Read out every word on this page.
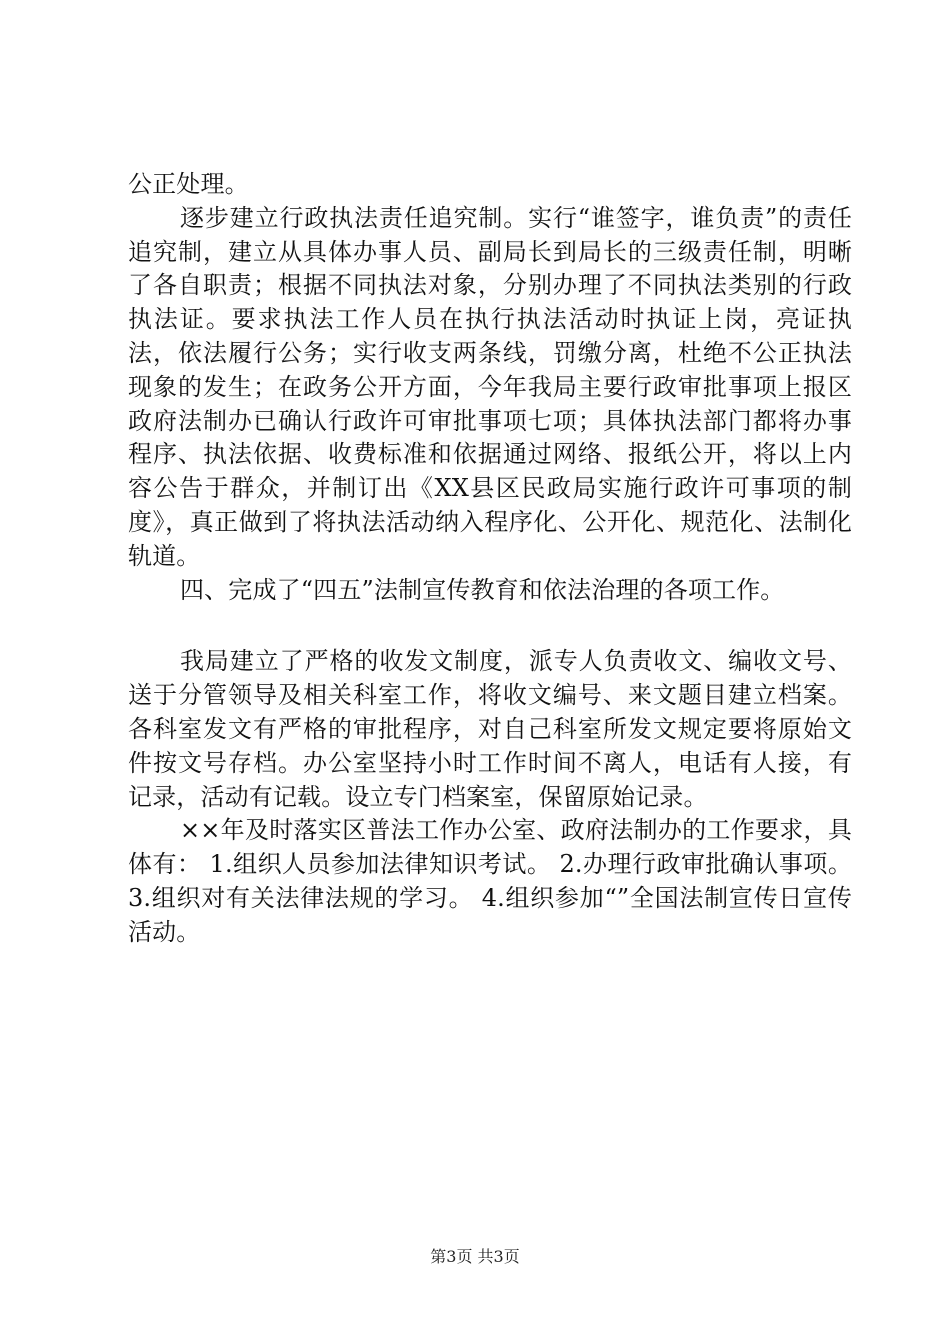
公正处理。

逐步建立行政执法责任追究制。实行“谁签字，谁负责”的责任追究制，建立从具体办事人员、副局长到局长的三级责任制，明晰了各自职责；根据不同执法对象，分别办理了不同执法类别的行政执法证。要求执法工作人员在执行执法活动时执证上岗，亮证执法，依法履行公务；实行收支两条线，罚缴分离，杜绝不公正执法现象的发生；在政务公开方面，今年我局主要行政审批事项上报区政府法制办已确认行政许可审批事项七项；具体执法部门都将办事程序、执法依据、收费标准和依据通过网络、报纸公开，将以上内容公告于群众，并制订出《XX县区民政局实施行政许可事项的制度》，真正做到了将执法活动纳入程序化、公开化、规范化、法制化轨道。

四、完成了“四五”法制宣传教育和依法治理的各项工作。

我局建立了严格的收发文制度，派专人负责收文、编收文号、送于分管领导及相关科室工作，将收文编号、来文题目建立档案。各科室发文有严格的审批程序，对自己科室所发文规定要将原始文件按文号存档。办公室坚持小时工作时间不离人，电话有人接，有记录，活动有记载。设立专门档案室，保留原始记录。

××年及时落实区普法工作办公室、政府法制办的工作要求，具体有： 1.组织人员参加法律知识考试。 2.办理行政审批确认事项。 3.组织对有关法律法规的学习。 4.组织参加“”全国法制宣传日宣传活动。

第3页 共3页
